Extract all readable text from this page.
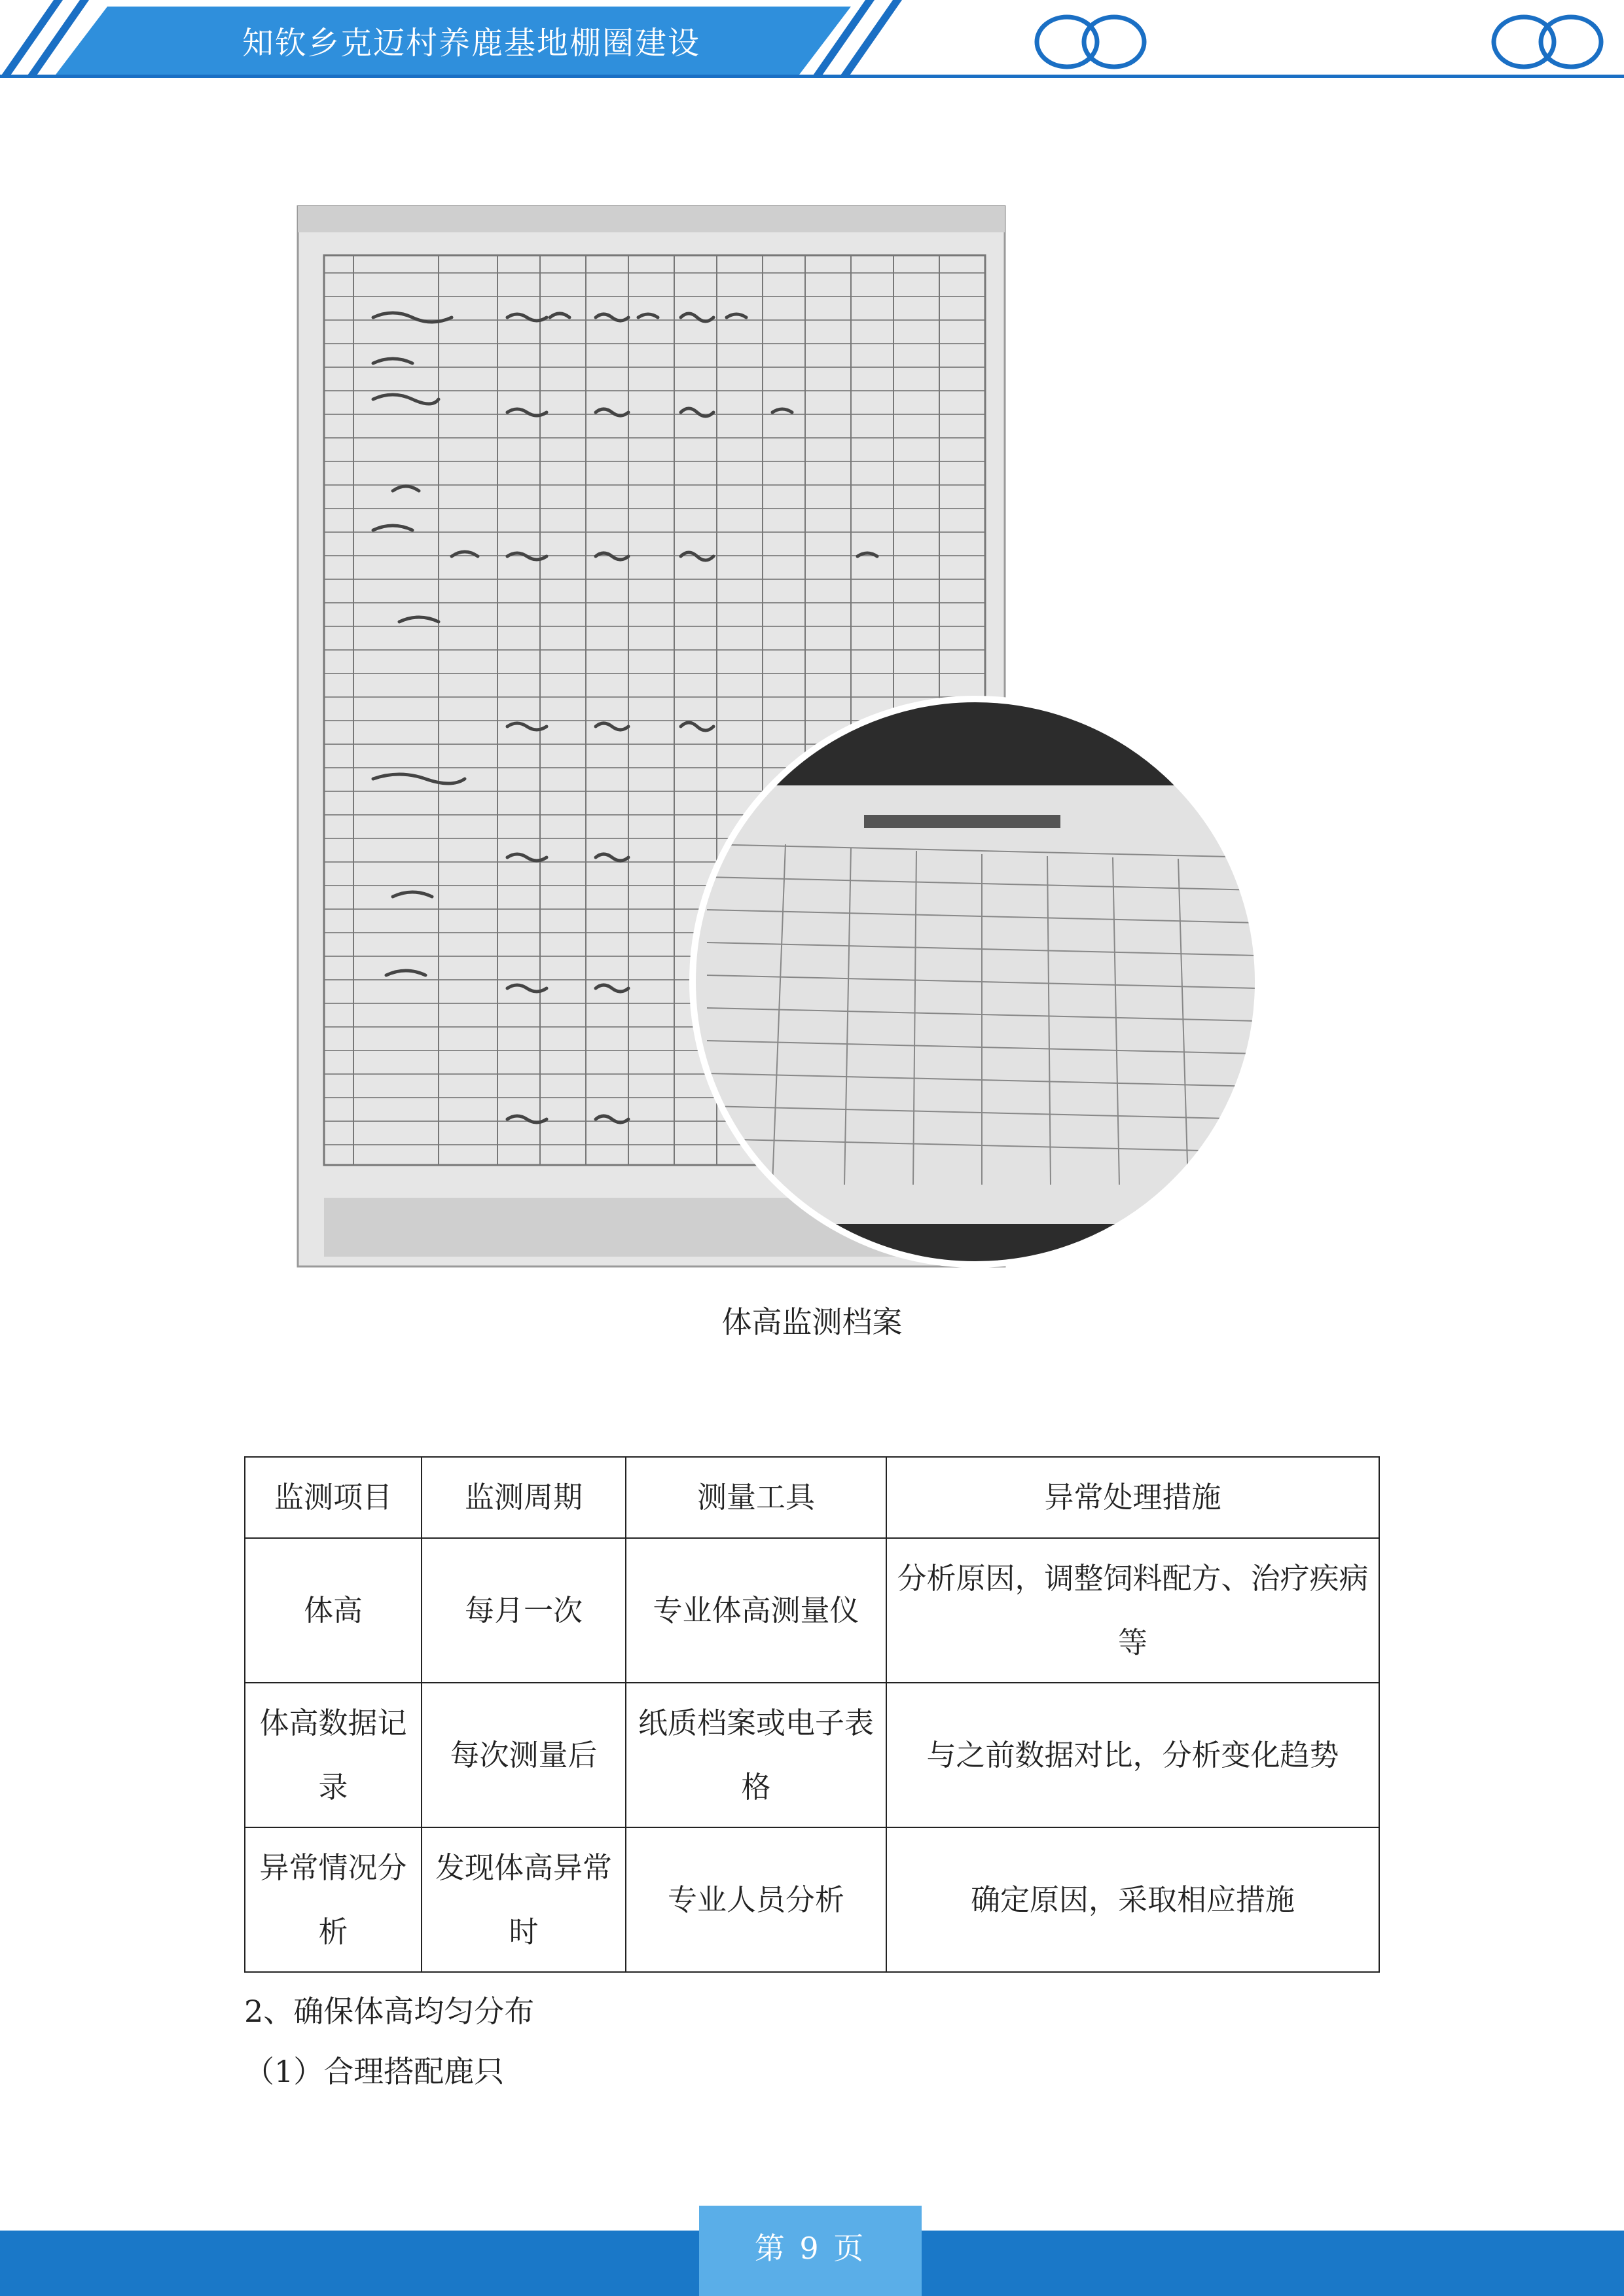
知钦乡克迈村养鹿基地棚圈建设
体高监测档案
监测项目	监测周期	测量工具	异常处理措施
体高	每月一次	专业体高测量仪	分析原因，调整饲料配方、治疗疾病等
体高数据记录	每次测量后	纸质档案或电子表格	与之前数据对比，分析变化趋势
异常情况分析	发现体高异常时	专业人员分析	确定原因，采取相应措施
2、确保体高均匀分布
（1）合理搭配鹿只
第 9 页
